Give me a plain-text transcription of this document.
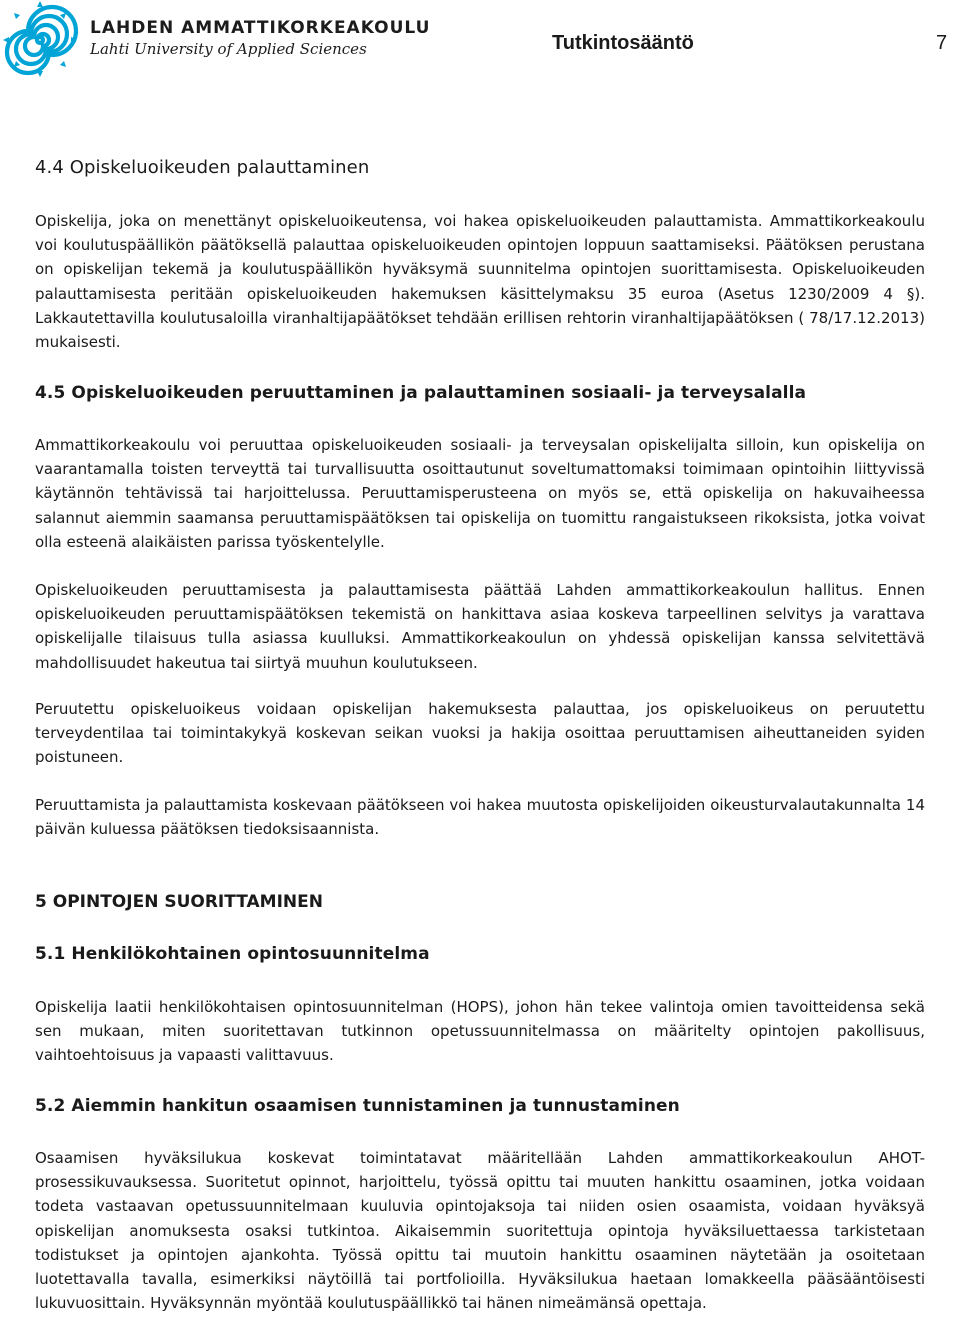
LAHDEN AMMATTIKORKEAKOULU
Lahti University of Applied Sciences	Tutkintosääntö	7
4.4 Opiskeluoikeuden palauttaminen

Opiskelija, joka on menettänyt opiskeluoikeutensa, voi hakea opiskeluoikeuden palauttamista. Ammattikorkeakoulu voi koulutuspäällikön päätöksellä palauttaa opiskeluoikeuden opintojen loppuun saattamiseksi. Päätöksen perustana on opiskelijan tekemä ja koulutuspäällikön hyväksymä suunnitelma opintojen suorittamisesta. Opiskeluoikeuden palauttamisesta peritään opiskeluoikeuden hakemuksen käsittelymaksu 35 euroa (Asetus 1230/2009 4 §). Lakkautettavilla koulutusaloilla viranhaltijapäätökset tehdään erillisen rehtorin viranhaltijapäätöksen ( 78/17.12.2013) mukaisesti.

4.5 Opiskeluoikeuden peruuttaminen ja palauttaminen sosiaali- ja terveysalalla

Ammattikorkeakoulu voi peruuttaa opiskeluoikeuden sosiaali- ja terveysalan opiskelijalta silloin, kun opiskelija on vaarantamalla toisten terveyttä tai turvallisuutta osoittautunut soveltumattomaksi toimimaan opintoihin liittyvissä käytännön tehtävissä tai harjoittelussa. Peruuttamisperusteena on myös se, että opiskelija on hakuvaiheessa salannut aiemmin saamansa peruuttamispäätöksen tai opiskelija on tuomittu rangaistukseen rikoksista, jotka voivat olla esteenä alaikäisten parissa työskentelylle.

Opiskeluoikeuden peruuttamisesta ja palauttamisesta päättää Lahden ammattikorkeakoulun hallitus. Ennen opiskeluoikeuden peruuttamispäätöksen tekemistä on hankittava asiaa koskeva tarpeellinen selvitys ja varattava opiskelijalle tilaisuus tulla asiassa kuulluksi. Ammattikorkeakoulun on yhdessä opiskelijan kanssa selvitettävä mahdollisuudet hakeutua tai siirtyä muuhun koulutukseen.

Peruutettu opiskeluoikeus voidaan opiskelijan hakemuksesta palauttaa, jos opiskeluoikeus on peruutettu terveydentilaa tai toimintakykyä koskevan seikan vuoksi ja hakija osoittaa peruuttamisen aiheuttaneiden syiden poistuneen.

Peruuttamista ja palauttamista koskevaan päätökseen voi hakea muutosta opiskelijoiden oikeusturvalautakunnalta 14 päivän kuluessa päätöksen tiedoksisaannista.

5 OPINTOJEN SUORITTAMINEN
5.1 Henkilökohtainen opintosuunnitelma

Opiskelija laatii henkilökohtaisen opintosuunnitelman (HOPS), johon hän tekee valintoja omien tavoitteidensa sekä sen mukaan, miten suoritettavan tutkinnon opetussuunnitelmassa on määritelty opintojen pakollisuus, vaihtoehtoisuus ja vapaasti valittavuus.

5.2 Aiemmin hankitun osaamisen tunnistaminen ja tunnustaminen

Osaamisen hyväksilukua koskevat toimintatavat määritellään Lahden ammattikorkeakoulun AHOT-prosessikuvauksessa. Suoritetut opinnot, harjoittelu, työssä opittu tai muuten hankittu osaaminen, jotka voidaan todeta vastaavan opetussuunnitelmaan kuuluvia opintojaksoja tai niiden osien osaamista, voidaan hyväksyä opiskelijan anomuksesta osaksi tutkintoa. Aikaisemmin suoritettuja opintoja hyväksiluettaessa tarkistetaan todistukset ja opintojen ajankohta. Työssä opittu tai muutoin hankittu osaaminen näytetään ja osoitetaan luotettavalla tavalla, esimerkiksi näytöillä tai portfolioilla. Hyväksilukua haetaan lomakkeella pääsääntöisesti lukuvuosittain. Hyväksynnän myöntää koulutuspäällikkö tai hänen nimeämänsä opettaja.
